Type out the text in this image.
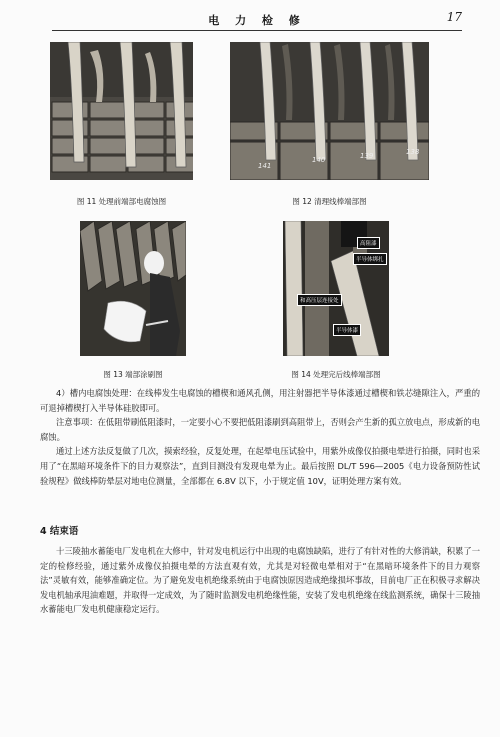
电 力 检 修	17
图 11 处理前端部电腐蚀图
141
140	139	138
图 12 清理线棒端部图
图 13 端部涂刷图
高阻漆
半导体绑扎
和高压层连接处
半导体漆
图 14 处理完后线棒端部图

4）槽内电腐蚀处理：在线棒发生电腐蚀的槽楔和通风孔侧，用注射器把半导体漆通过槽楔和铁芯缝隙注入，严重的可退掉槽楔打入半导体硅胶即可。

注意事项：在低阻带刷低阻漆时，一定要小心不要把低阻漆刷到高阻带上，否则会产生新的孤立放电点，形成新的电腐蚀。

通过上述方法反复做了几次，摸索经验，反复处理，在起晕电压试验中，用紫外成像仪拍摄电晕进行拍摄，同时也采用了“在黑暗环境条件下的目力观察法”，直到目测没有发现电晕为止。最后按照 DL/T 596—2005《电力设备预防性试验规程》做线棒防晕层对地电位测量，全部都在 6.8V 以下，小于规定值 10V，证明处理方案有效。

4 结束语

十三陵抽水蓄能电厂发电机在大修中，针对发电机运行中出现的电腐蚀缺陷，进行了有针对性的大修消缺，积累了一定的检修经验，通过紫外成像仪拍摄电晕的方法直观有效，尤其是对轻微电晕相对于“在黑暗环境条件下的目力观察法”灵敏有效，能够准确定位。为了避免发电机绝缘系统由于电腐蚀原因造成绝缘损坏事故，目前电厂正在积极寻求解决发电机轴承甩油难题，并取得一定成效，为了随时监测发电机绝缘性能，安装了发电机绝缘在线监测系统，确保十三陵抽水蓄能电厂发电机健康稳定运行。
